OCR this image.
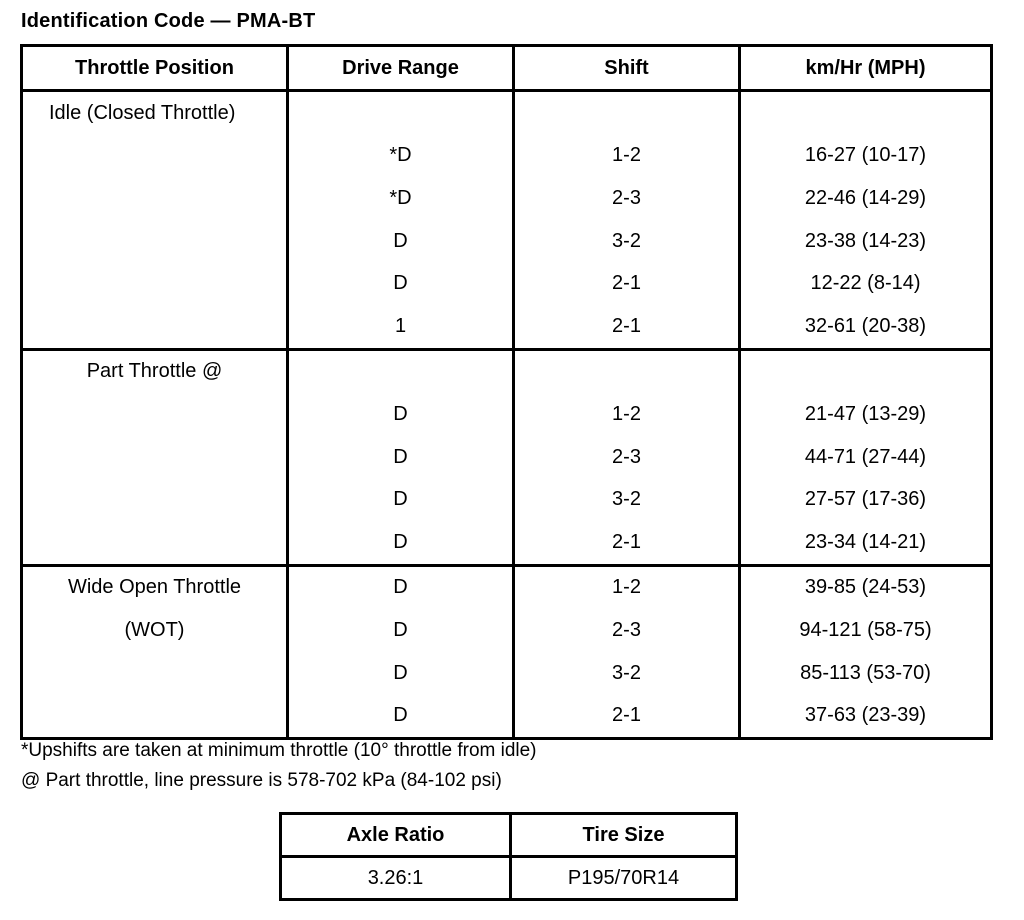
Identification Code — PMA-BT
Throttle Position	Drive Range	Shift	km/Hr (MPH)
Idle (Closed Throttle)			
	*D	1-2	16-27 (10-17)
	*D	2-3	22-46 (14-29)
	D	3-2	23-38 (14-23)
	D	2-1	12-22 (8-14)
	1	2-1	32-61 (20-38)
Part Throttle @			
	D	1-2	21-47 (13-29)
	D	2-3	44-71 (27-44)
	D	3-2	27-57 (17-36)
	D	2-1	23-34 (14-21)
Wide Open Throttle	D	1-2	39-85 (24-53)
(WOT)	D	2-3	94-121 (58-75)
	D	3-2	85-113 (53-70)
	D	2-1	37-63 (23-39)
*Upshifts are taken at minimum throttle (10° throttle from idle)
@ Part throttle, line pressure is 578-702 kPa (84-102 psi)
Axle Ratio	Tire Size
3.26:1	P195/70R14
